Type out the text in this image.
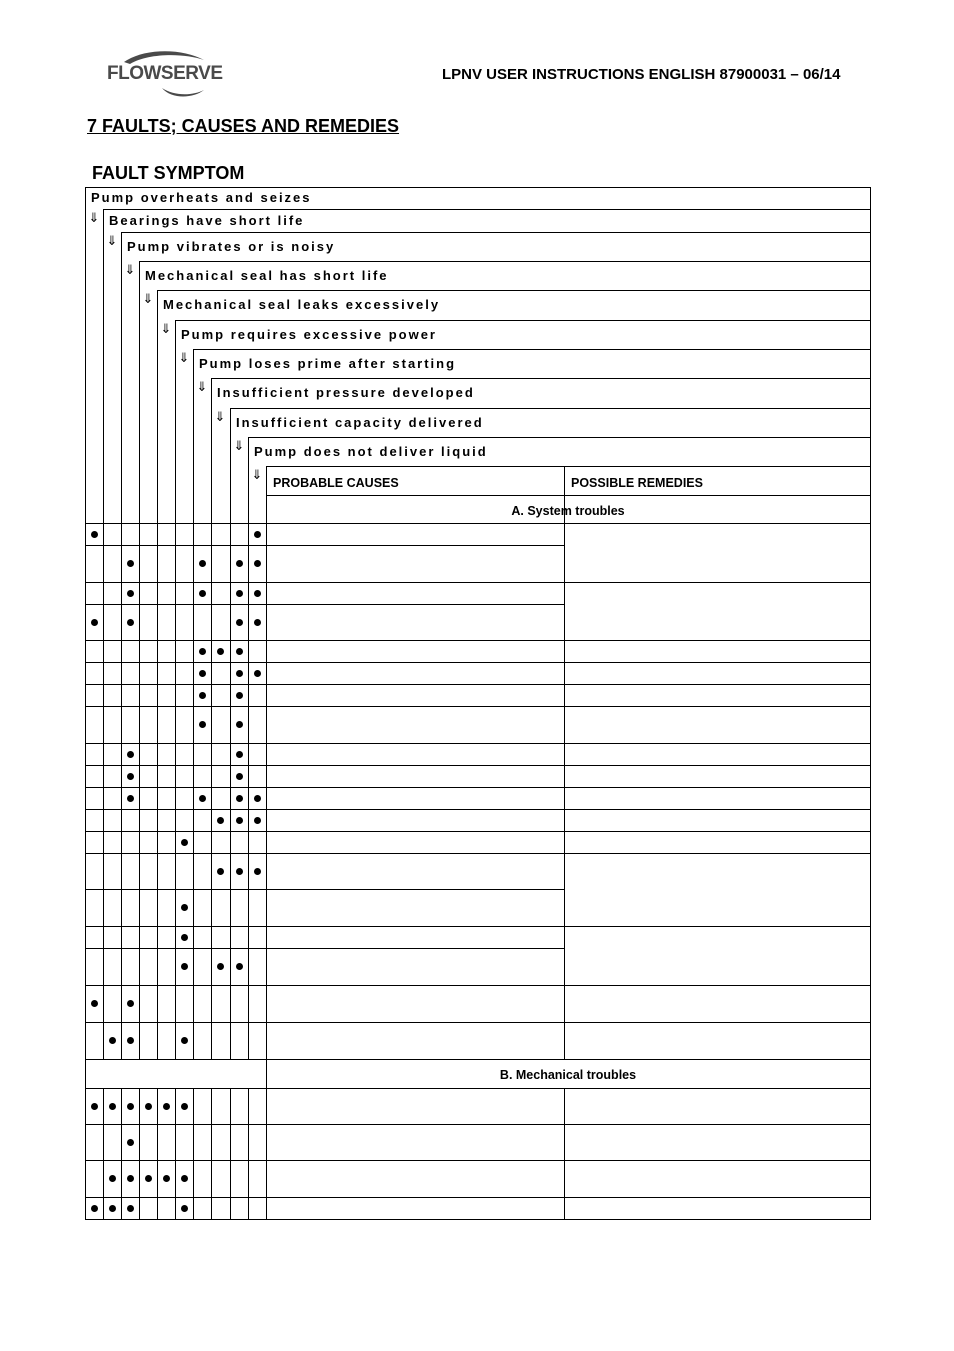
FLOWSERVE	LPNV USER INSTRUCTIONS ENGLISH 87900031 – 06/14
7 FAULTS; CAUSES AND REMEDIES
FAULT SYMPTOM
Pump overheats and seizes
Bearings have short life
Pump vibrates or is noisy
Mechanical seal has short life
Mechanical seal leaks excessively
Pump requires excessive power
Pump loses prime after starting
Insufficient pressure developed
Insufficient capacity delivered
Pump does not deliver liquid
⇓
⇓
⇓
⇓
⇓
⇓
⇓
⇓
⇓
⇓ PROBABLE CAUSES	POSSIBLE REMEDIES
A. System troubles
B. Mechanical troubles
